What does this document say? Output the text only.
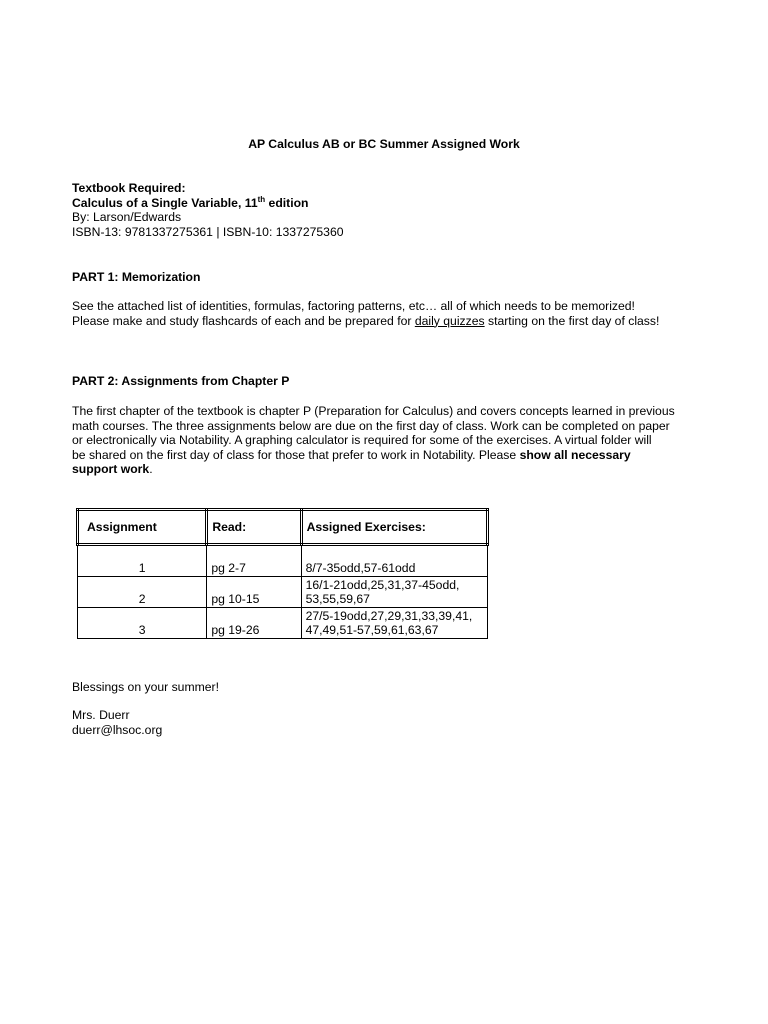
AP Calculus AB or BC Summer Assigned Work
Textbook Required:
Calculus of a Single Variable, 11th edition
By: Larson/Edwards
ISBN-13: 9781337275361 | ISBN-10: 1337275360
PART 1: Memorization
See the attached list of identities, formulas, factoring patterns, etc… all of which needs to be memorized!
Please make and study flashcards of each and be prepared for daily quizzes starting on the first day of class!
PART 2: Assignments from Chapter P
The first chapter of the textbook is chapter P (Preparation for Calculus) and covers concepts learned in previous
math courses. The three assignments below are due on the first day of class. Work can be completed on paper
or electronically via Notability. A graphing calculator is required for some of the exercises. A virtual folder will
be shared on the first day of class for those that prefer to work in Notability. Please show all necessary
support work.
Assignment	Read:	Assigned Exercises:
1	pg 2-7	8/7-35odd,57-61odd

2	pg 10-15	16/1-21odd,25,31,37-45odd,
53,55,59,67

3	pg 19-26	27/5-19odd,27,29,31,33,39,41,
47,49,51-57,59,61,63,67
Blessings on your summer!
Mrs. Duerr
duerr@lhsoc.org
